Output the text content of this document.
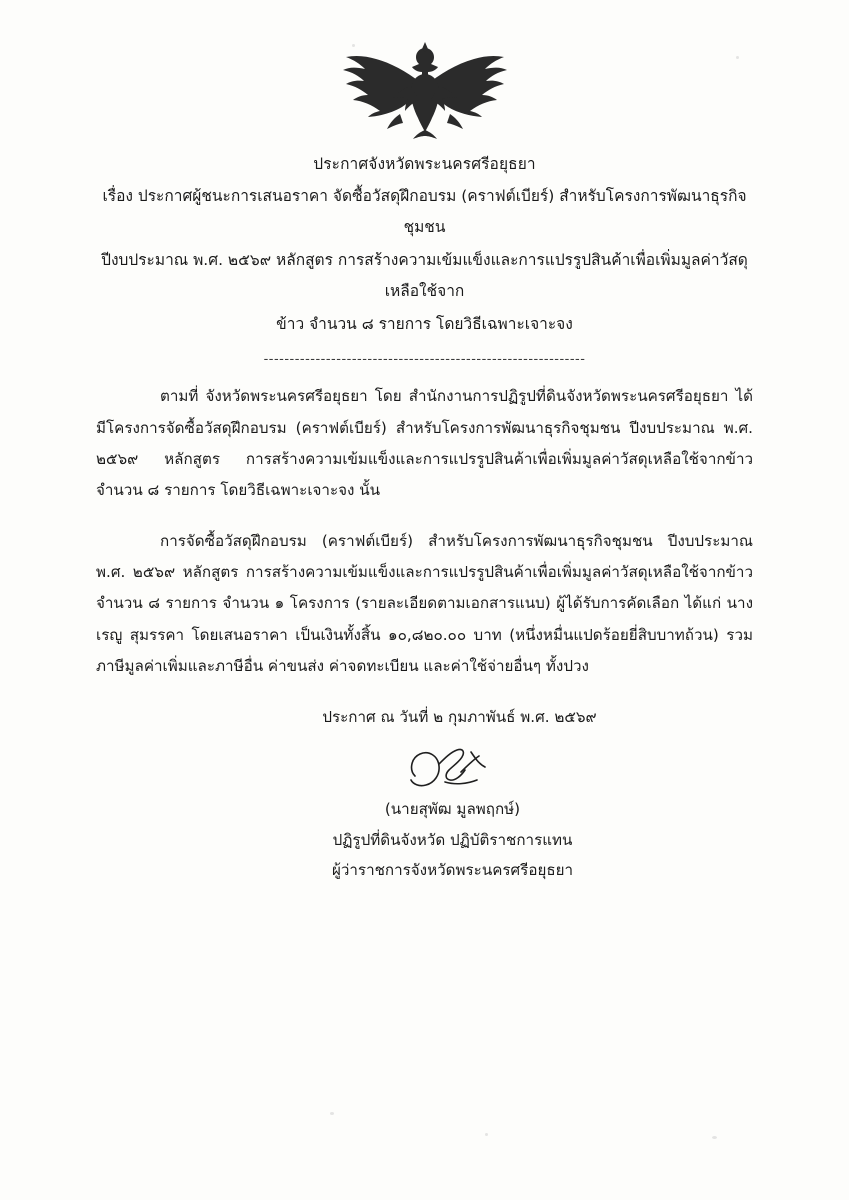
ประกาศจังหวัดพระนครศรีอยุธยา
เรื่อง ประกาศผู้ชนะการเสนอราคา จัดซื้อวัสดุฝึกอบรม (คราฟต์เบียร์) สำหรับโครงการพัฒนาธุรกิจชุมชน
ปีงบประมาณ พ.ศ. ๒๕๖๙ หลักสูตร การสร้างความเข้มแข็งและการแปรรูปสินค้าเพื่อเพิ่มมูลค่าวัสดุเหลือใช้จาก
ข้าว จำนวน ๘ รายการ โดยวิธีเฉพาะเจาะจง
--------------------------------------------------------------

ตามที่ จังหวัดพระนครศรีอยุธยา โดย สำนักงานการปฏิรูปที่ดินจังหวัดพระนครศรีอยุธยา ได้มีโครงการจัดซื้อวัสดุฝึกอบรม (คราฟต์เบียร์) สำหรับโครงการพัฒนาธุรกิจชุมชน ปีงบประมาณ พ.ศ. ๒๕๖๙ หลักสูตร การสร้างความเข้มแข็งและการแปรรูปสินค้าเพื่อเพิ่มมูลค่าวัสดุเหลือใช้จากข้าว จำนวน ๘ รายการ โดยวิธีเฉพาะเจาะจง นั้น

การจัดซื้อวัสดุฝึกอบรม (คราฟต์เบียร์) สำหรับโครงการพัฒนาธุรกิจชุมชน ปีงบประมาณ พ.ศ. ๒๕๖๙ หลักสูตร การสร้างความเข้มแข็งและการแปรรูปสินค้าเพื่อเพิ่มมูลค่าวัสดุเหลือใช้จากข้าว จำนวน ๘ รายการ จำนวน ๑ โครงการ (รายละเอียดตามเอกสารแนบ) ผู้ได้รับการคัดเลือก ได้แก่ นางเรญู สุมรรคา โดยเสนอราคา เป็นเงินทั้งสิ้น ๑๐,๘๒๐.๐๐ บาท (หนึ่งหมื่นแปดร้อยยี่สิบบาทถ้วน) รวมภาษีมูลค่าเพิ่มและภาษีอื่น ค่าขนส่ง ค่าจดทะเบียน และค่าใช้จ่ายอื่นๆ ทั้งปวง

ประกาศ ณ วันที่ ๒ กุมภาพันธ์ พ.ศ. ๒๕๖๙
(นายสุพัฒ มูลพฤกษ์)
ปฏิรูปที่ดินจังหวัด ปฏิบัติราชการแทน
ผู้ว่าราชการจังหวัดพระนครศรีอยุธยา
